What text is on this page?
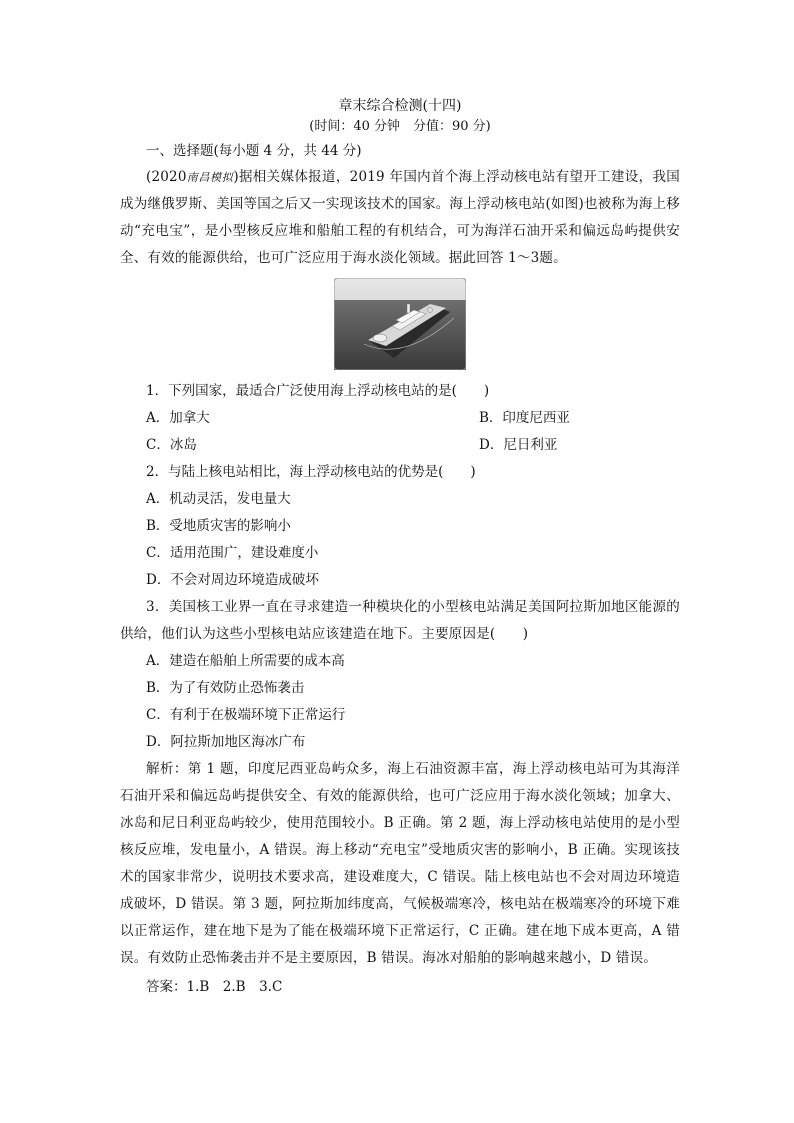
章末综合检测(十四)
(时间：40 分钟　分值：90 分)
一、选择题(每小题 4 分，共 44 分)
(2020南昌模拟)据相关媒体报道，2019 年国内首个海上浮动核电站有望开工建设，我国成为继俄罗斯、美国等国之后又一实现该技术的国家。海上浮动核电站(如图)也被称为海上移动“充电宝”，是小型核反应堆和船舶工程的有机结合，可为海洋石油开采和偏远岛屿提供安全、有效的能源供给，也可广泛应用于海水淡化领域。据此回答 1～3题。
1．下列国家，最适合广泛使用海上浮动核电站的是(　　)
A．加拿大	B．印度尼西亚
C．冰岛	D．尼日利亚
2．与陆上核电站相比，海上浮动核电站的优势是(　　)
A．机动灵活，发电量大
B．受地质灾害的影响小
C．适用范围广，建设难度小
D．不会对周边环境造成破坏
3．美国核工业界一直在寻求建造一种模块化的小型核电站满足美国阿拉斯加地区能源的供给，他们认为这些小型核电站应该建造在地下。主要原因是(　　)
A．建造在船舶上所需要的成本高
B．为了有效防止恐怖袭击
C．有利于在极端环境下正常运行
D．阿拉斯加地区海冰广布
解析：第 1 题，印度尼西亚岛屿众多，海上石油资源丰富，海上浮动核电站可为其海洋石油开采和偏远岛屿提供安全、有效的能源供给，也可广泛应用于海水淡化领域；加拿大、冰岛和尼日利亚岛屿较少，使用范围较小。B 正确。第 2 题，海上浮动核电站使用的是小型核反应堆，发电量小，A 错误。海上移动“充电宝”受地质灾害的影响小，B 正确。实现该技术的国家非常少，说明技术要求高，建设难度大，C 错误。陆上核电站也不会对周边环境造成破坏，D 错误。第 3 题，阿拉斯加纬度高，气候极端寒冷，核电站在极端寒冷的环境下难以正常运作，建在地下是为了能在极端环境下正常运行，C 正确。建在地下成本更高，A 错误。有效防止恐怖袭击并不是主要原因，B 错误。海冰对船舶的影响越来越小，D 错误。
答案：1.B　2.B　3.C
